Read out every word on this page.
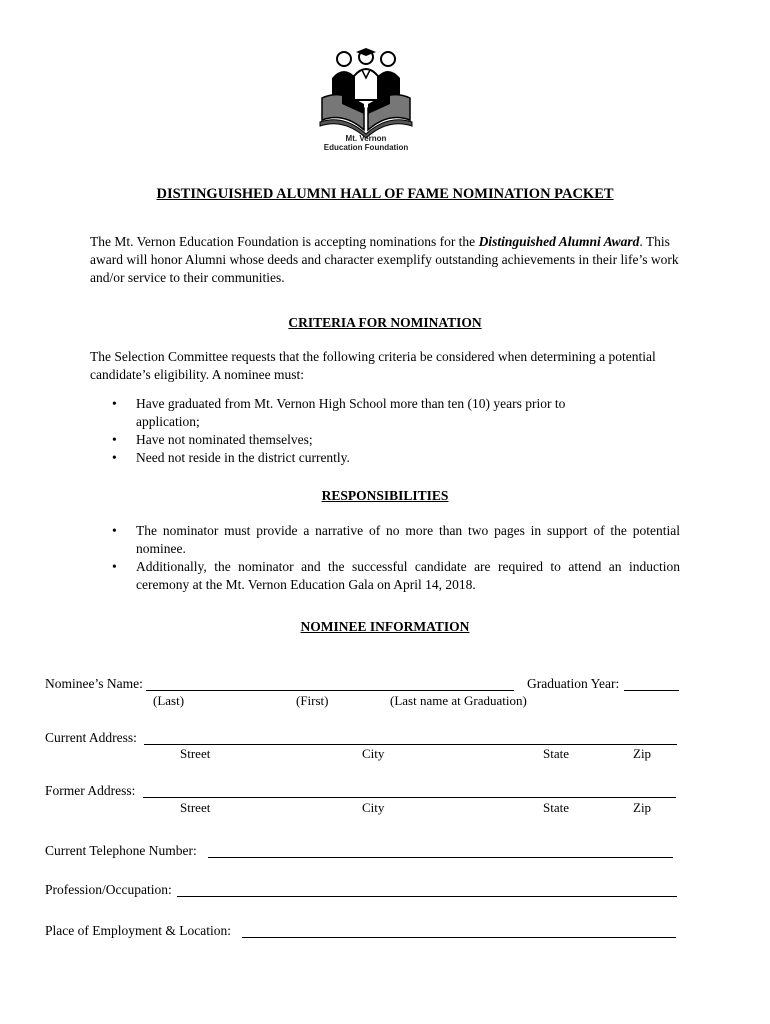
Mt. Vernon
Education Foundation
DISTINGUISHED ALUMNI HALL OF FAME NOMINATION PACKET
The Mt. Vernon Education Foundation is accepting nominations for the Distinguished Alumni Award. This award will honor Alumni whose deeds and character exemplify outstanding achievements in their life’s work and/or service to their communities.
CRITERIA FOR NOMINATION
The Selection Committee requests that the following criteria be considered when determining a potential candidate’s eligibility. A nominee must:
• Have graduated from Mt. Vernon High School more than ten (10) years prior to application;
• Have not nominated themselves;
• Need not reside in the district currently.
RESPONSIBILITIES
• The nominator must provide a narrative of no more than two pages in support of the potential nominee.
• Additionally, the nominator and the successful candidate are required to attend an induction ceremony at the Mt. Vernon Education Gala on April 14, 2018.
NOMINEE INFORMATION
Nominee’s Name:	Graduation Year:
(Last)	(First)	(Last name at Graduation)
Current Address:
Street	City	State	Zip
Former Address:
Street	City	State	Zip
Current Telephone Number:
Profession/Occupation:
Place of Employment & Location:
